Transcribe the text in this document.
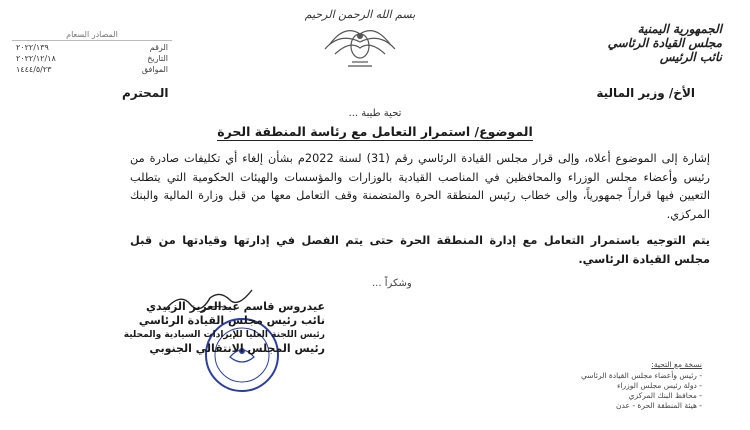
الجمهورية اليمنية
مجلس القيادة الرئاسي
نائب الرئيس
بسم الله الرحمن الرحيم
المصادر السعام
٢٠٢٢/١٣٩	الرقم
٢٠٢٢/١٢/١٨	التاريخ
١٤٤٤/٥/٢٣	الموافق
الأخ/ وزير المالية
المحترم
تحية طيبة ...
الموضوع/ استمرار التعامل مع رئاسة المنطقة الحرة
إشارة إلى الموضوع أعلاه، وإلى قرار مجلس القيادة الرئاسي رقم (31) لسنة 2022م بشأن إلغاء أي تكليفات صادرة من رئيس وأعضاء مجلس الوزراء والمحافظين في المناصب القيادية بالوزارات والمؤسسات والهيئات الحكومية التي يتطلب التعيين فيها قراراً جمهورياً، وإلى خطاب رئيس المنطقة الحرة والمتضمنة وقف التعامل معها من قبل وزارة المالية والبنك المركزي.
يتم التوجيه باستمرار التعامل مع إدارة المنطقة الحرة حتى يتم الفصل في إدارتها وقيادتها من قبل مجلس القيادة الرئاسي.
وشكراً ...
عيدروس قاسم عبدالعزيز الزبيدي
نائب رئيس مجلس القيادة الرئاسي
رئيس اللجنة العليا للإيرادات السيادية والمحلية
رئيس المجلس الانتقالي الجنوبي
نسخة مع التحية:
- رئيس وأعضاء مجلس القيادة الرئاسي
- دولة رئيس مجلس الوزراء
- محافظ البنك المركزي
- هيئة المنطقة الحرة - عدن
